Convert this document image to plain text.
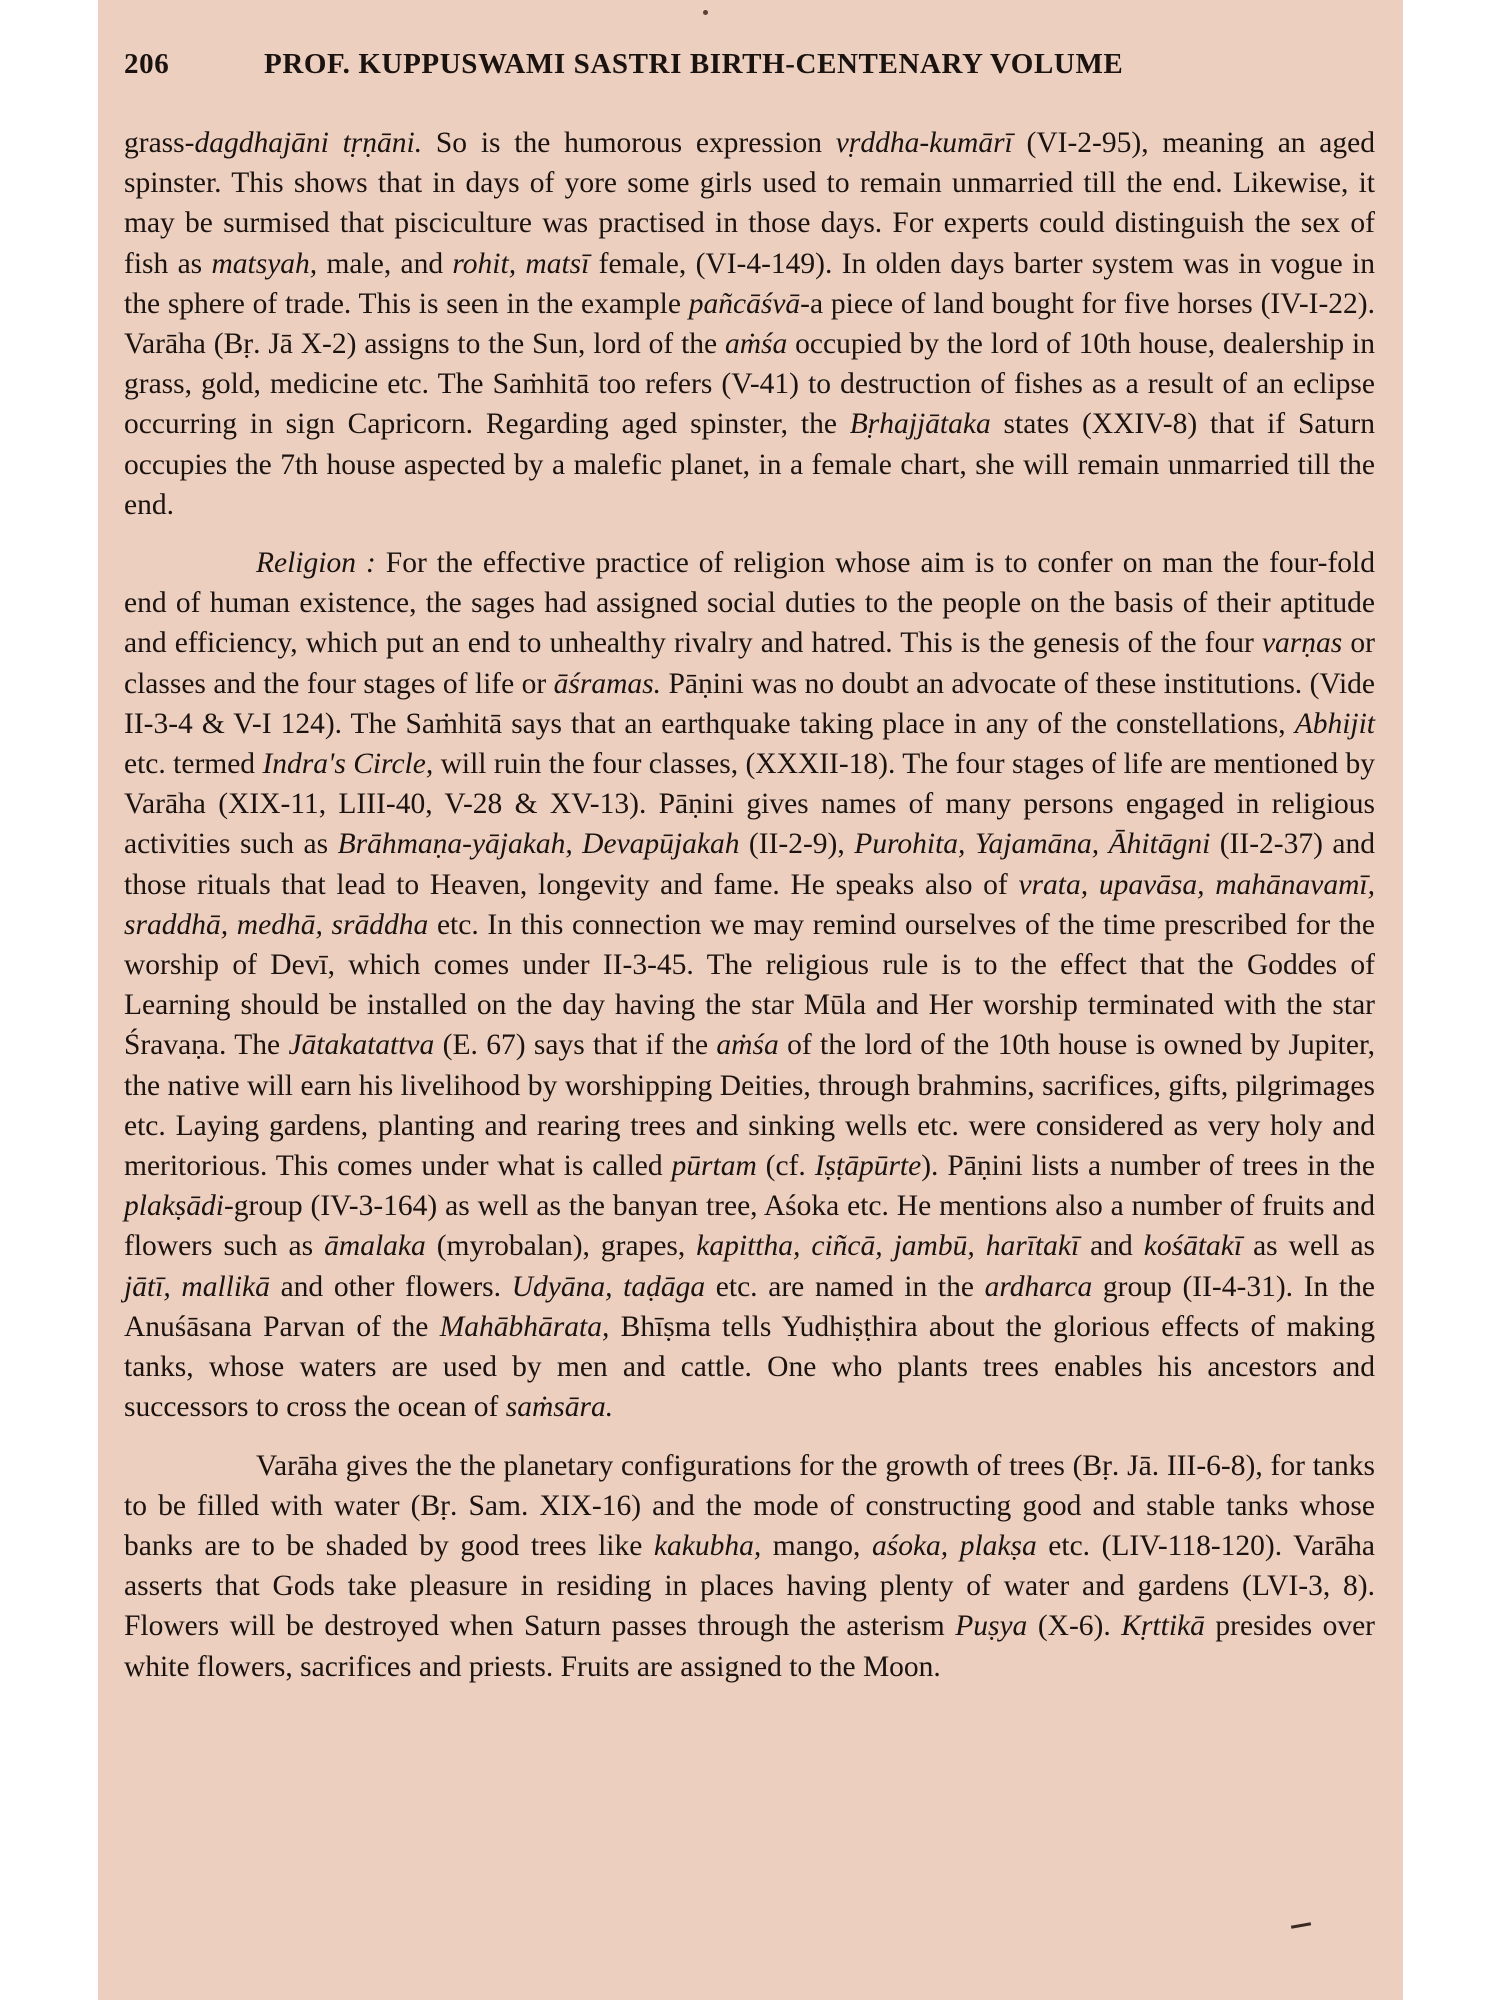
206	PROF. KUPPUSWAMI SASTRI BIRTH-CENTENARY VOLUME

grass-dagdhajāni tṛṇāni. So is the humorous expression vṛddha-kumārī (VI-2-95), meaning an aged spinster. This shows that in days of yore some girls used to remain unmarried till the end. Likewise, it may be surmised that pisciculture was practised in those days. For experts could distinguish the sex of fish as matsyah, male, and rohit, matsī female, (VI-4-149). In olden days barter system was in vogue in the sphere of trade. This is seen in the example pañcāśvā-a piece of land bought for five horses (IV-I-22). Varāha (Bṛ. Jā X-2) assigns to the Sun, lord of the aṁśa occupied by the lord of 10th house, dealership in grass, gold, medicine etc. The Saṁhitā too refers (V-41) to destruction of fishes as a result of an eclipse occurring in sign Capricorn. Regarding aged spinster, the Bṛhajjātaka states (XXIV-8) that if Saturn occupies the 7th house aspected by a malefic planet, in a female chart, she will remain unmarried till the end.

Religion : For the effective practice of religion whose aim is to confer on man the four-fold end of human existence, the sages had assigned social duties to the people on the basis of their aptitude and efficiency, which put an end to unhealthy rivalry and hatred. This is the genesis of the four varṇas or classes and the four stages of life or āśramas. Pāṇini was no doubt an advocate of these institutions. (Vide II-3-4 & V-I 124). The Saṁhitā says that an earthquake taking place in any of the constellations, Abhijit etc. termed Indra's Circle, will ruin the four classes, (XXXII-18). The four stages of life are mentioned by Varāha (XIX-11, LIII-40, V-28 & XV-13). Pāṇini gives names of many persons engaged in religious activities such as Brāhmaṇa-yājakah, Devapūjakah (II-2-9), Purohita, Yajamāna, Āhitāgni (II-2-37) and those rituals that lead to Heaven, longevity and fame. He speaks also of vrata, upavāsa, mahānavamī, sraddhā, medhā, srāddha etc. In this connection we may remind ourselves of the time prescribed for the worship of Devī, which comes under II-3-45. The religious rule is to the effect that the Goddes of Learning should be installed on the day having the star Mūla and Her worship terminated with the star Śravaṇa. The Jātakatattva (E. 67) says that if the aṁśa of the lord of the 10th house is owned by Jupiter, the native will earn his livelihood by worshipping Deities, through brahmins, sacrifices, gifts, pilgrimages etc. Laying gardens, planting and rearing trees and sinking wells etc. were considered as very holy and meritorious. This comes under what is called pūrtam (cf. Iṣṭāpūrte). Pāṇini lists a number of trees in the plakṣādi-group (IV-3-164) as well as the banyan tree, Aśoka etc. He mentions also a number of fruits and flowers such as āmalaka (myrobalan), grapes, kapittha, ciñcā, jambū, harītakī and kośātakī as well as jātī, mallikā and other flowers. Udyāna, taḍāga etc. are named in the ardharca group (II-4-31). In the Anuśāsana Parvan of the Mahābhārata, Bhīṣma tells Yudhiṣṭhira about the glorious effects of making tanks, whose waters are used by men and cattle. One who plants trees enables his ancestors and successors to cross the ocean of saṁsāra.

Varāha gives the the planetary configurations for the growth of trees (Bṛ. Jā. III-6-8), for tanks to be filled with water (Bṛ. Sam. XIX-16) and the mode of constructing good and stable tanks whose banks are to be shaded by good trees like kakubha, mango, aśoka, plakṣa etc. (LIV-118-120). Varāha asserts that Gods take pleasure in residing in places having plenty of water and gardens (LVI-3, 8). Flowers will be destroyed when Saturn passes through the asterism Puṣya (X-6). Kṛttikā presides over white flowers, sacrifices and priests. Fruits are assigned to the Moon.
